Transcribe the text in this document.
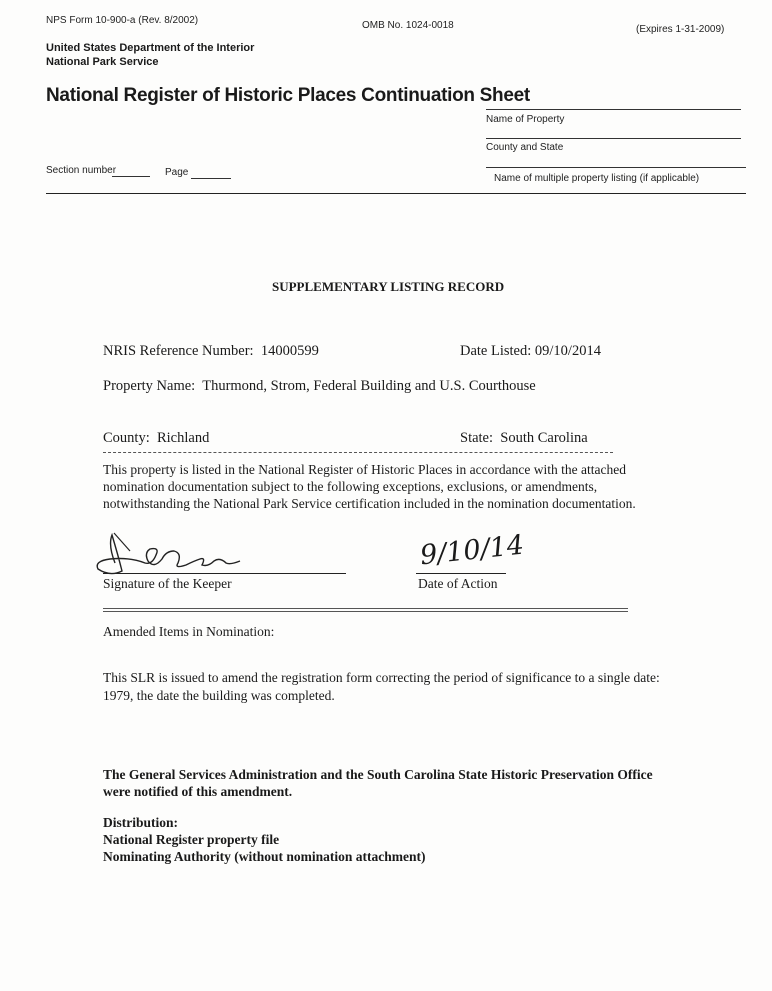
NPS Form 10-900-a (Rev. 8/2002)	OMB No. 1024-0018	(Expires 1-31-2009)
United States Department of the Interior
National Park Service
National Register of Historic Places Continuation Sheet
Name of Property
County and State
Name of multiple property listing (if applicable)
Section number	Page
SUPPLEMENTARY LISTING RECORD
NRIS Reference Number: 14000599	Date Listed: 09/10/2014
Property Name: Thurmond, Strom, Federal Building and U.S. Courthouse
County: Richland	State: South Carolina
This property is listed in the National Register of Historic Places in accordance with the attached
nomination documentation subject to the following exceptions, exclusions, or amendments,
notwithstanding the National Park Service certification included in the nomination documentation.
Signature of the Keeper
9/10/14
Date of Action
Amended Items in Nomination:
This SLR is issued to amend the registration form correcting the period of significance to a single date:
1979, the date the building was completed.
The General Services Administration and the South Carolina State Historic Preservation Office
were notified of this amendment.
Distribution:
National Register property file
Nominating Authority (without nomination attachment)
